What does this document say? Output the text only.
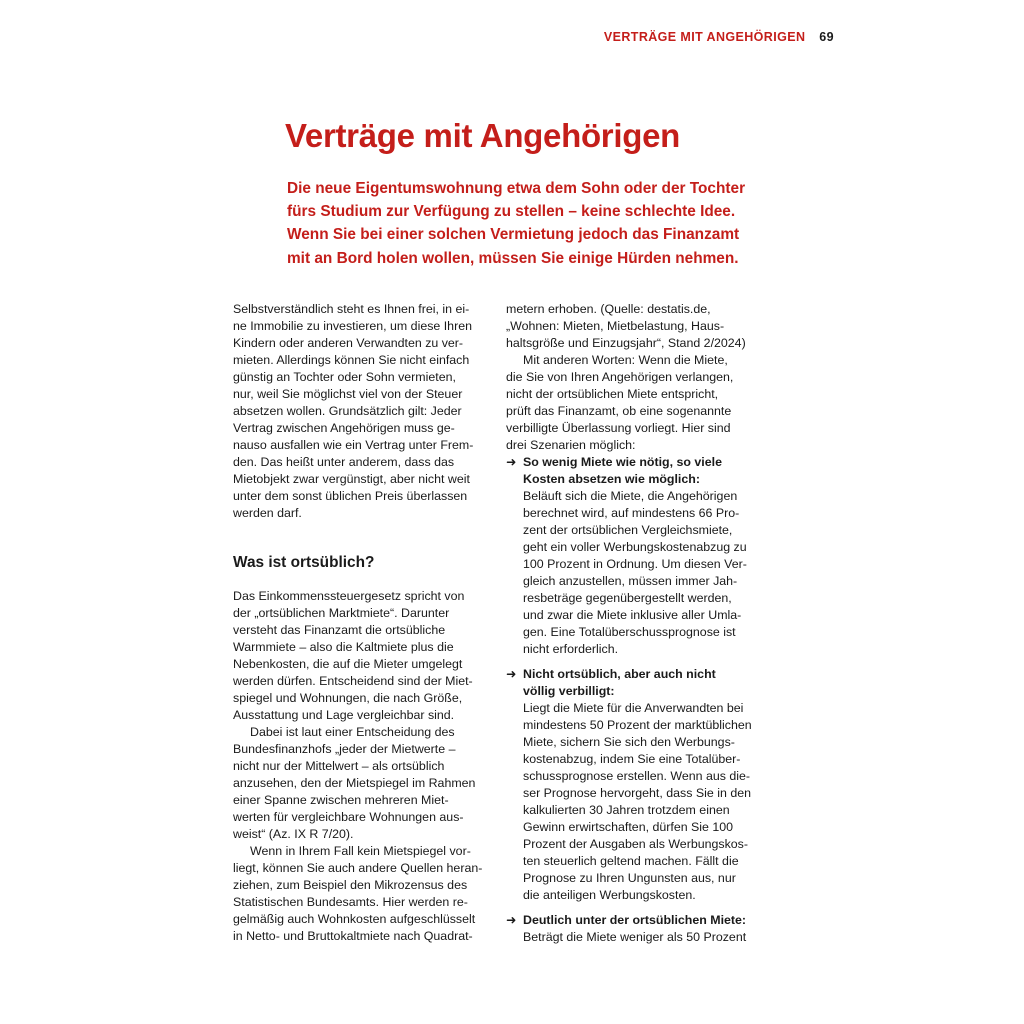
VERTRÄGE MIT ANGEHÖRIGEN 69
Verträge mit Angehörigen
Die neue Eigentumswohnung etwa dem Sohn oder der Tochter
fürs Studium zur Verfügung zu stellen – keine schlechte Idee.
Wenn Sie bei einer solchen Vermietung jedoch das Finanzamt
mit an Bord holen wollen, müssen Sie einige Hürden nehmen.
Selbstverständlich steht es Ihnen frei, in ei-
ne Immobilie zu investieren, um diese Ihren
Kindern oder anderen Verwandten zu ver-
mieten. Allerdings können Sie nicht einfach
günstig an Tochter oder Sohn vermieten,
nur, weil Sie möglichst viel von der Steuer
absetzen wollen. Grundsätzlich gilt: Jeder
Vertrag zwischen Angehörigen muss ge-
nauso ausfallen wie ein Vertrag unter Frem-
den. Das heißt unter anderem, dass das
Mietobjekt zwar vergünstigt, aber nicht weit
unter dem sonst üblichen Preis überlassen
werden darf.
Was ist ortsüblich?
Das Einkommenssteuergesetz spricht von
der „ortsüblichen Marktmiete“. Darunter
versteht das Finanzamt die ortsübliche
Warmmiete – also die Kaltmiete plus die
Nebenkosten, die auf die Mieter umgelegt
werden dürfen. Entscheidend sind der Miet-
spiegel und Wohnungen, die nach Größe,
Ausstattung und Lage vergleichbar sind.
Dabei ist laut einer Entscheidung des
Bundesfinanzhofs „jeder der Mietwerte –
nicht nur der Mittelwert – als ortsüblich
anzusehen, den der Mietspiegel im Rahmen
einer Spanne zwischen mehreren Miet-
werten für vergleichbare Wohnungen aus-
weist“ (Az. IX R 7/20).
Wenn in Ihrem Fall kein Mietspiegel vor-
liegt, können Sie auch andere Quellen heran-
ziehen, zum Beispiel den Mikrozensus des
Statistischen Bundesamts. Hier werden re-
gelmäßig auch Wohnkosten aufgeschlüsselt
in Netto- und Bruttokaltmiete nach Quadrat-
metern erhoben. (Quelle: destatis.de,
„Wohnen: Mieten, Mietbelastung, Haus-
haltsgröße und Einzugsjahr“, Stand 2/2024)
Mit anderen Worten: Wenn die Miete,
die Sie von Ihren Angehörigen verlangen,
nicht der ortsüblichen Miete entspricht,
prüft das Finanzamt, ob eine sogenannte
verbilligte Überlassung vorliegt. Hier sind
drei Szenarien möglich:
➜ So wenig Miete wie nötig, so viele
Kosten absetzen wie möglich:
Beläuft sich die Miete, die Angehörigen
berechnet wird, auf mindestens 66 Pro-
zent der ortsüblichen Vergleichsmiete,
geht ein voller Werbungskostenabzug zu
100 Prozent in Ordnung. Um diesen Ver-
gleich anzustellen, müssen immer Jah-
resbeträge gegenübergestellt werden,
und zwar die Miete inklusive aller Umla-
gen. Eine Totalüberschussprognose ist
nicht erforderlich.
➜ Nicht ortsüblich, aber auch nicht
völlig verbilligt:
Liegt die Miete für die Anverwandten bei
mindestens 50 Prozent der marktüblichen
Miete, sichern Sie sich den Werbungs-
kostenabzug, indem Sie eine Totalüber-
schussprognose erstellen. Wenn aus die-
ser Prognose hervorgeht, dass Sie in den
kalkulierten 30 Jahren trotzdem einen
Gewinn erwirtschaften, dürfen Sie 100
Prozent der Ausgaben als Werbungskos-
ten steuerlich geltend machen. Fällt die
Prognose zu Ihren Ungunsten aus, nur
die anteiligen Werbungskosten.
➜ Deutlich unter der ortsüblichen Miete:
Beträgt die Miete weniger als 50 Prozent
